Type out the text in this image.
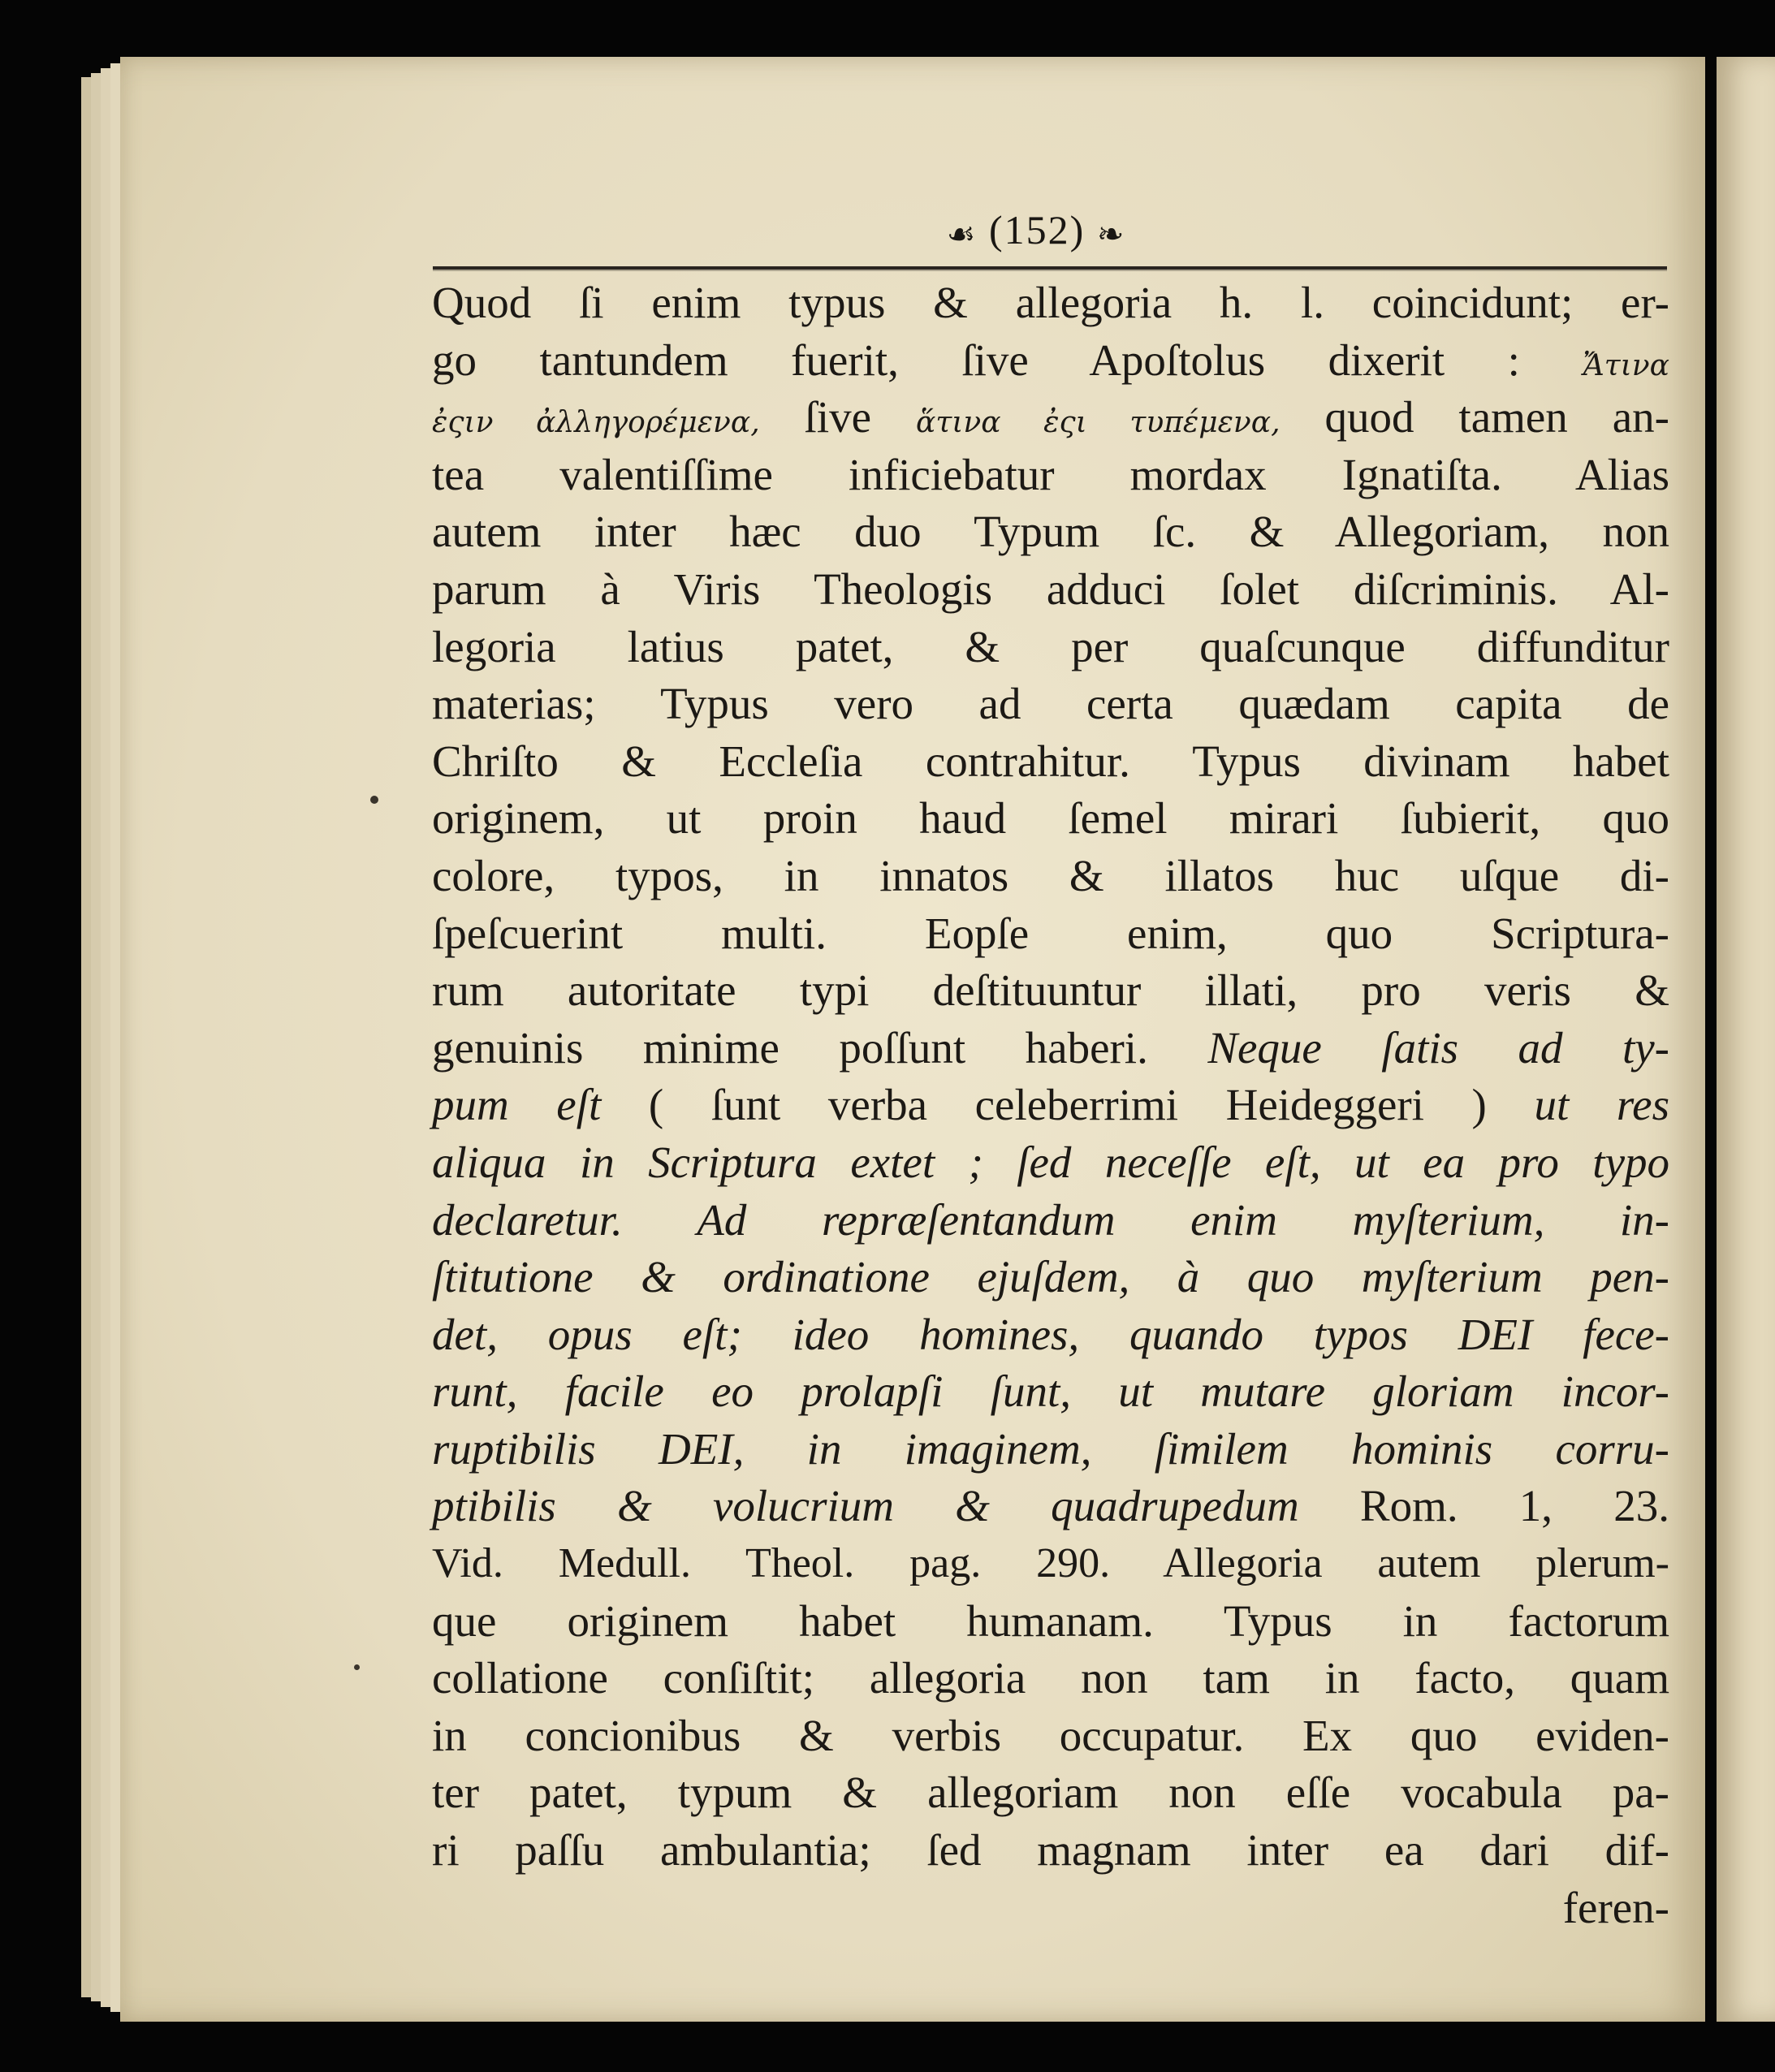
☙ (152) ❧
Quod ſi enim typus & allegoria h. l. coincidunt; er-
go tantundem fuerit, ſive Apoſtolus dixerit : Ἄτινα
ἐςιν ἀλληγορέμενα, ſive ἅτινα ἐςι τυπέμενα, quod tamen an-
tea valentiſſime inficiebatur mordax Ignatiſta. Alias
autem inter hæc duo Typum ſc. & Allegoriam, non
parum à Viris Theologis adduci ſolet diſcriminis. Al-
legoria latius patet, & per quaſcunque diffunditur
materias; Typus vero ad certa quædam capita de
Chriſto & Eccleſia contrahitur. Typus divinam habet
originem, ut proin haud ſemel mirari ſubierit, quo
colore, typos, in innatos & illatos huc uſque di-
ſpeſcuerint multi. Eopſe enim, quo Scriptura-
rum autoritate typi deſtituuntur illati, pro veris &
genuinis minime poſſunt haberi. Neque ſatis ad ty-
pum eſt ( ſunt verba celeberrimi Heideggeri ) ut res
aliqua in Scriptura extet ; ſed neceſſe eſt, ut ea pro typo
declaretur. Ad repræſentandum enim myſterium, in-
ſtitutione & ordinatione ejuſdem, à quo myſterium pen-
det, opus eſt; ideo homines, quando typos DEI fece-
runt, facile eo prolapſi ſunt, ut mutare gloriam incor-
ruptibilis DEI, in imaginem, ſimilem hominis corru-
ptibilis & volucrium & quadrupedum Rom. 1, 23.
Vid. Medull. Theol. pag. 290. Allegoria autem plerum-
que originem habet humanam. Typus in factorum
collatione conſiſtit; allegoria non tam in facto, quam
in concionibus & verbis occupatur. Ex quo eviden-
ter patet, typum & allegoriam non eſſe vocabula pa-
ri paſſu ambulantia; ſed magnam inter ea dari dif-
feren-
